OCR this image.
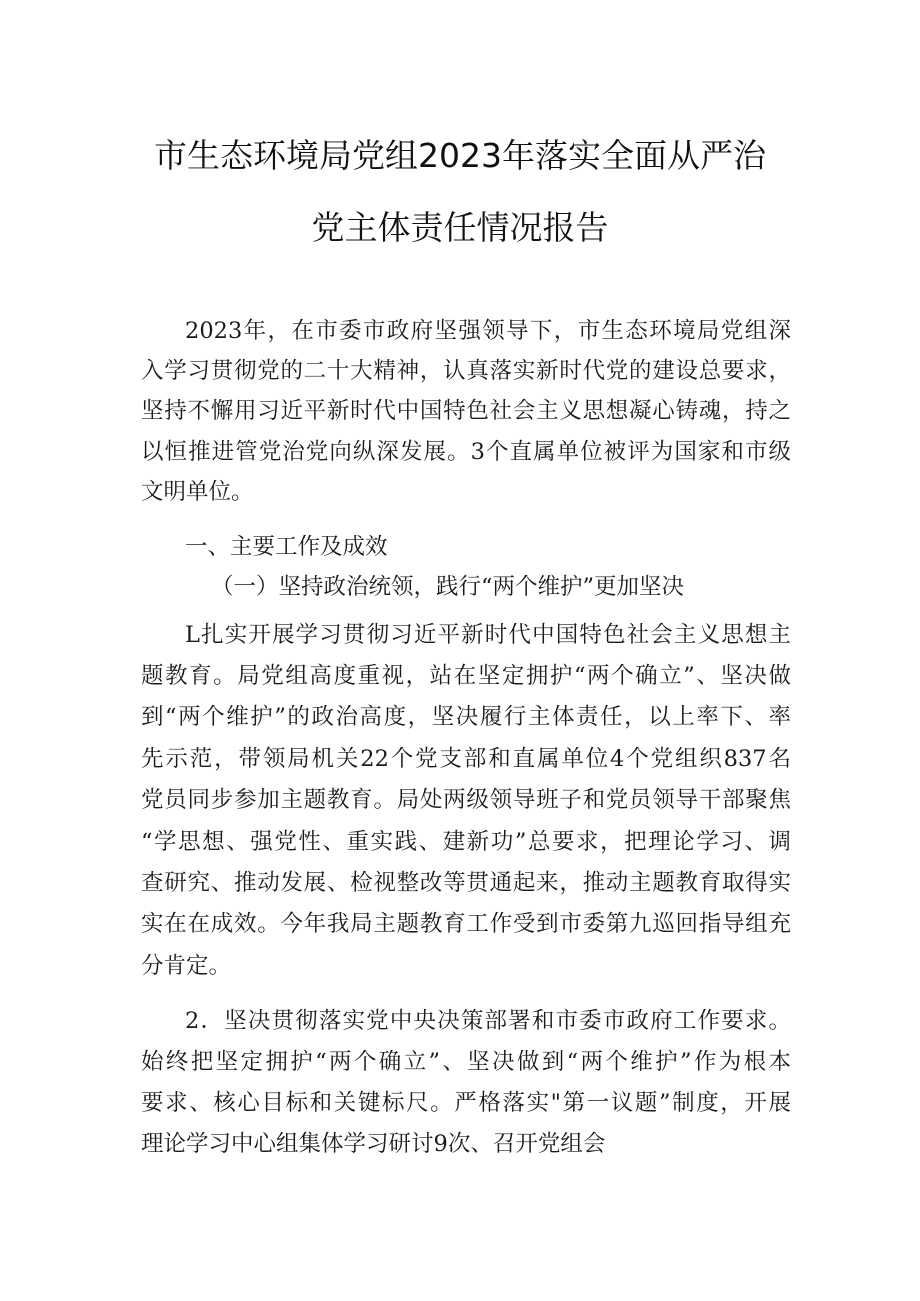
市生态环境局党组2023年落实全面从严治
党主体责任情况报告
2023年，在市委市政府坚强领导下，市生态环境局党组深
入学习贯彻党的二十大精神，认真落实新时代党的建设总要求，
坚持不懈用习近平新时代中国特色社会主义思想凝心铸魂，持之
以恒推进管党治党向纵深发展。3个直属单位被评为国家和市级
文明单位。
一、主要工作及成效
（一）坚持政治统领，践行“两个维护”更加坚决
L扎实开展学习贯彻习近平新时代中国特色社会主义思想主
题教育。局党组高度重视，站在坚定拥护“两个确立”、坚决做
到“两个维护”的政治高度，坚决履行主体责任，以上率下、率
先示范，带领局机关22个党支部和直属单位4个党组织837名
党员同步参加主题教育。局处两级领导班子和党员领导干部聚焦
“学思想、强党性、重实践、建新功”总要求，把理论学习、调
查研究、推动发展、检视整改等贯通起来，推动主题教育取得实
实在在成效。今年我局主题教育工作受到市委第九巡回指导组充
分肯定。
2．坚决贯彻落实党中央决策部署和市委市政府工作要求。
始终把坚定拥护“两个确立”、坚决做到“两个维护”作为根本
要求、核心目标和关键标尺。严格落实"第一议题”制度，开展
理论学习中心组集体学习研讨9次、召开党组会
